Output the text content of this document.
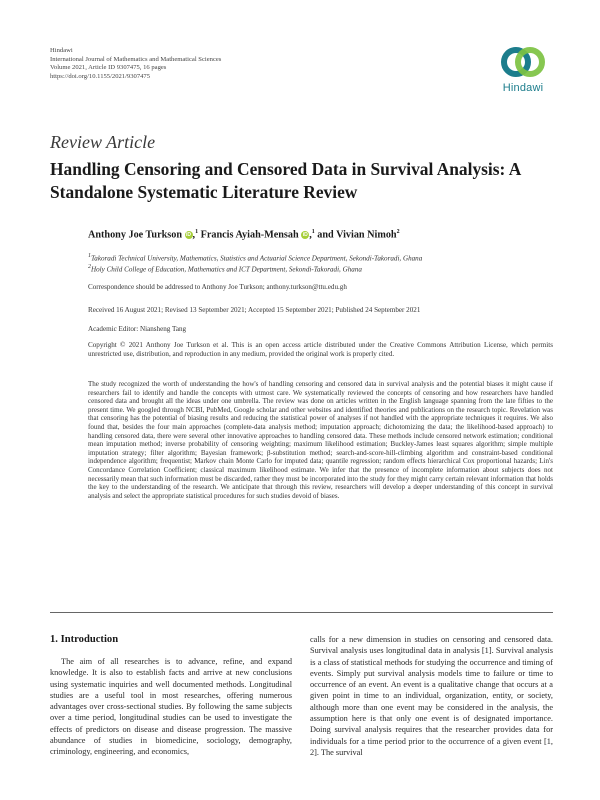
Hindawi
International Journal of Mathematics and Mathematical Sciences
Volume 2021, Article ID 9307475, 16 pages
https://doi.org/10.1155/2021/9307475
Hindawi
Review Article
Handling Censoring and Censored Data in Survival Analysis: A Standalone Systematic Literature Review
Anthony Joe Turkson iD ,$^1$ Francis Ayiah-Mensah iD ,$^1$ and Vivian Nimoh$^2$
$^1$Takoradi Technical University, Mathematics, Statistics and Actuarial Science Department, Sekondi-Takoradi, Ghana
$^2$Holy Child College of Education, Mathematics and ICT Department, Sekondi-Takoradi, Ghana
Correspondence should be addressed to Anthony Joe Turkson; anthony.turkson@ttu.edu.gh
Received 16 August 2021; Revised 13 September 2021; Accepted 15 September 2021; Published 24 September 2021
Academic Editor: Niansheng Tang
Copyright © 2021 Anthony Joe Turkson et al. This is an open access article distributed under the Creative Commons Attribution License, which permits unrestricted use, distribution, and reproduction in any medium, provided the original work is properly cited.
The study recognized the worth of understanding the how's of handling censoring and censored data in survival analysis and the potential biases it might cause if researchers fail to identify and handle the concepts with utmost care. We systematically reviewed the concepts of censoring and how researchers have handled censored data and brought all the ideas under one umbrella. The review was done on articles written in the English language spanning from the late fifties to the present time. We googled through NCBI, PubMed, Google scholar and other websites and identified theories and publications on the research topic. Revelation was that censoring has the potential of biasing results and reducing the statistical power of analyses if not handled with the appropriate techniques it requires. We also found that, besides the four main approaches (complete-data analysis method; imputation approach; dichotomizing the data; the likelihood-based approach) to handling censored data, there were several other innovative approaches to handling censored data. These methods include censored network estimation; conditional mean imputation method; inverse probability of censoring weighting; maximum likelihood estimation; Buckley-James least squares algorithm; simple multiple imputation strategy; filter algorithm; Bayesian framework; β-substitution method; search-and-score-hill-climbing algorithm and constraint-based conditional independence algorithm; frequentist; Markov chain Monte Carlo for imputed data; quantile regression; random effects hierarchical Cox proportional hazards; Lin's Concordance Correlation Coefficient; classical maximum likelihood estimate. We infer that the presence of incomplete information about subjects does not necessarily mean that such information must be discarded, rather they must be incorporated into the study for they might carry certain relevant information that holds the key to the understanding of the research. We anticipate that through this review, researchers will develop a deeper understanding of this concept in survival analysis and select the appropriate statistical procedures for such studies devoid of biases.
1. Introduction
The aim of all researches is to advance, refine, and expand knowledge. It is also to establish facts and arrive at new conclusions using systematic inquiries and well documented methods. Longitudinal studies are a useful tool in most researches, offering numerous advantages over cross-sectional studies. By following the same subjects over a time period, longitudinal studies can be used to investigate the effects of predictors on disease and disease progression. The massive abundance of studies in biomedicine, sociology, demography, criminology, engineering, and economics,
calls for a new dimension in studies on censoring and censored data. Survival analysis uses longitudinal data in analysis [1]. Survival analysis is a class of statistical methods for studying the occurrence and timing of events. Simply put survival analysis models time to failure or time to occurrence of an event. An event is a qualitative change that occurs at a given point in time to an individual, organization, entity, or society, although more than one event may be considered in the analysis, the assumption here is that only one event is of designated importance. Doing survival analysis requires that the researcher provides data for individuals for a time period prior to the occurrence of a given event [1, 2]. The survival
